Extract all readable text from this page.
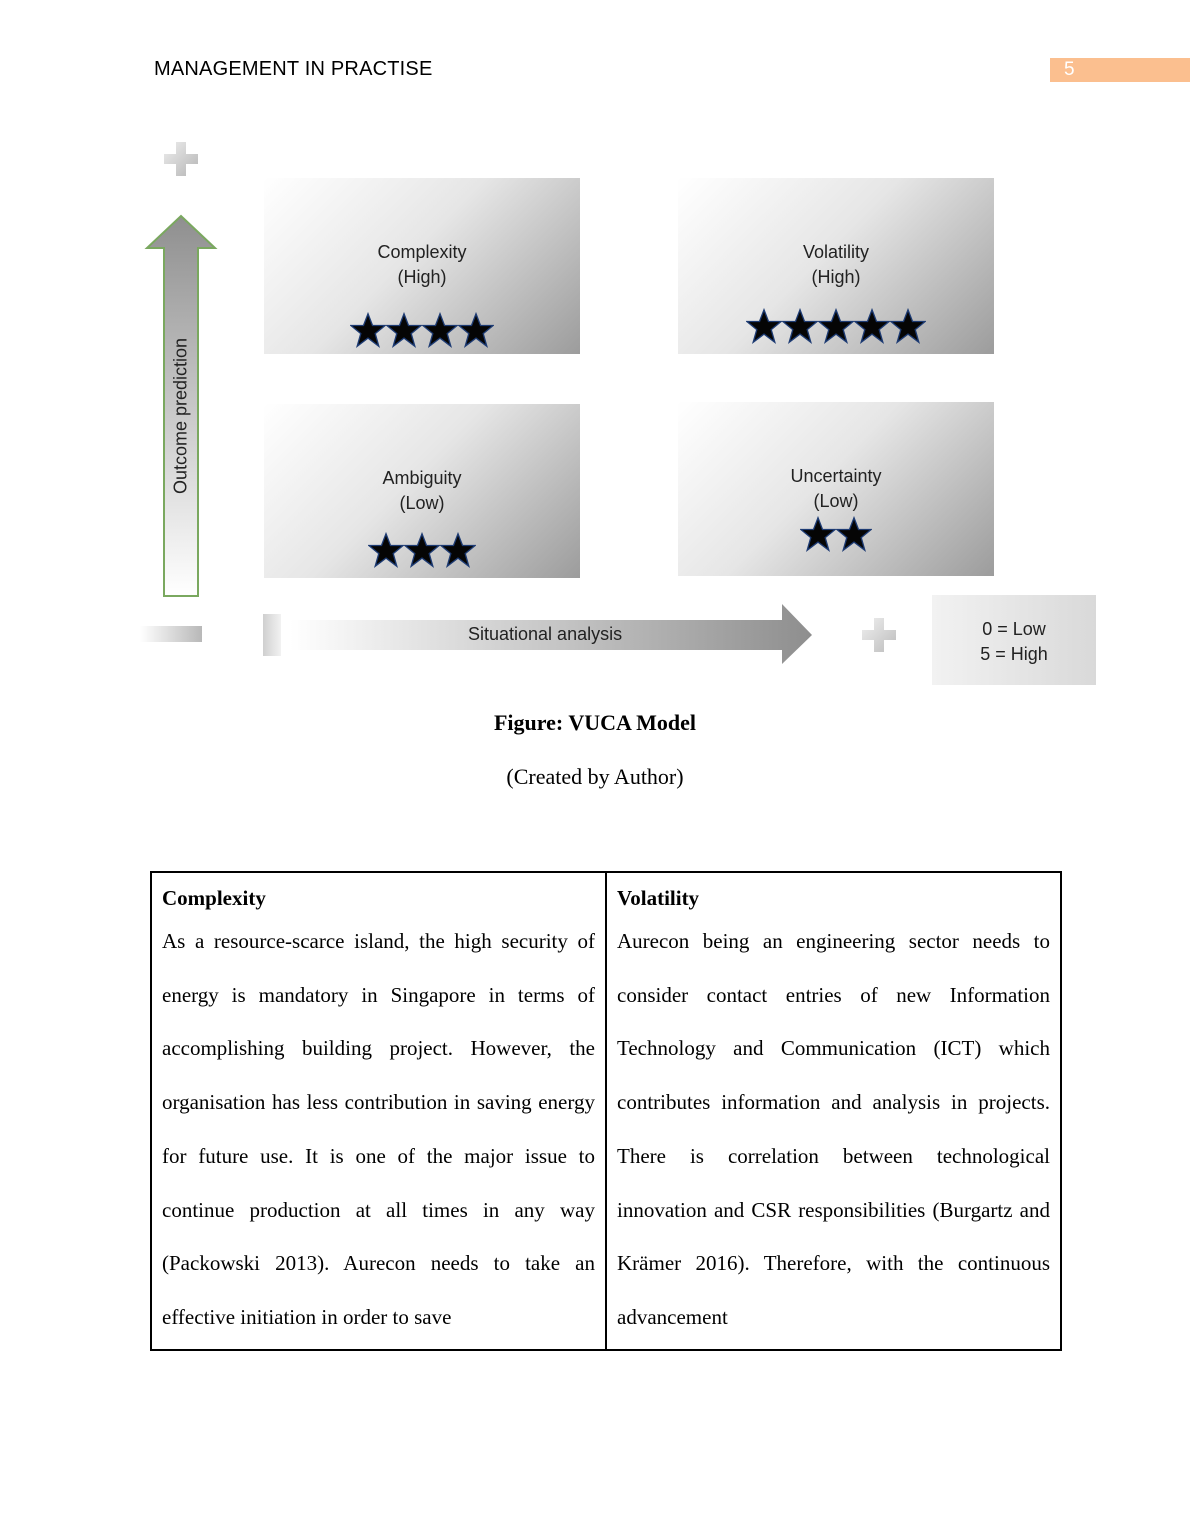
MANAGEMENT IN PRACTISE	5
Outcome prediction
Situational analysis
Complexity
(High)
Volatility
(High)
Ambiguity
(Low)
Uncertainty
(Low)
0 = Low
5 = High
Figure: VUCA Model
(Created by Author)
Complexity
As a resource-scarce island, the high security of energy is mandatory in Singapore in terms of accomplishing building project. However, the organisation has less contribution in saving energy for future use. It is one of the major issue to continue production at all times in any way (Packowski 2013). Aurecon needs to take an effective initiation in order to save

Volatility
Aurecon being an engineering sector needs to consider contact entries of new Information Technology and Communication (ICT) which contributes information and analysis in projects. There is correlation between technological innovation and CSR responsibilities (Burgartz and Krämer 2016). Therefore, with the continuous advancement
